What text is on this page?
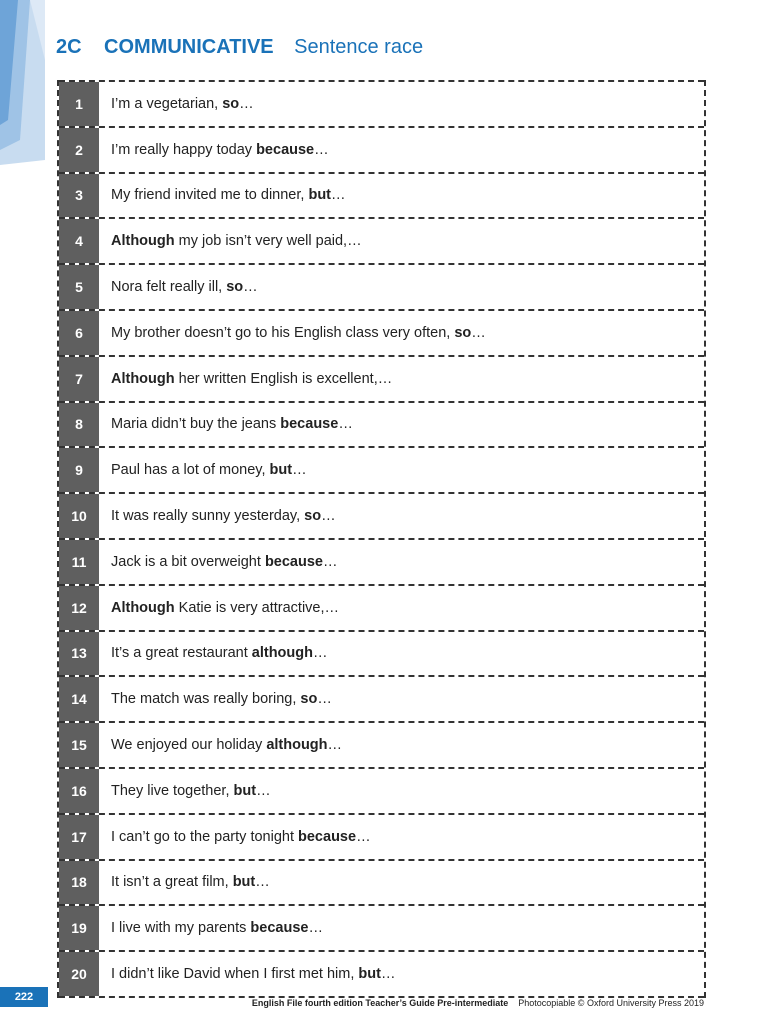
2C COMMUNICATIVE Sentence race
1	I’m a vegetarian, so …
2	I’m really happy today because …
3	My friend invited me to dinner, but …
4	Although my job isn’t very well paid,…
5	Nora felt really ill, so …
6	My brother doesn’t go to his English class very often, so …
7	Although her written English is excellent,…
8	Maria didn’t buy the jeans because …
9	Paul has a lot of money, but …
10	It was really sunny yesterday, so …
11	Jack is a bit overweight because …
12	Although Katie is very attractive,…
13	It’s a great restaurant although …
14	The match was really boring, so …
15	We enjoyed our holiday although …
16	They live together, but …
17	I can’t go to the party tonight because …
18	It isn’t a great film, but …
19	I live with my parents because …
20	I didn’t like David when I first met him, but …
222	English File fourth edition Teacher’s Guide Pre-intermediate Photocopiable © Oxford University Press 2019
